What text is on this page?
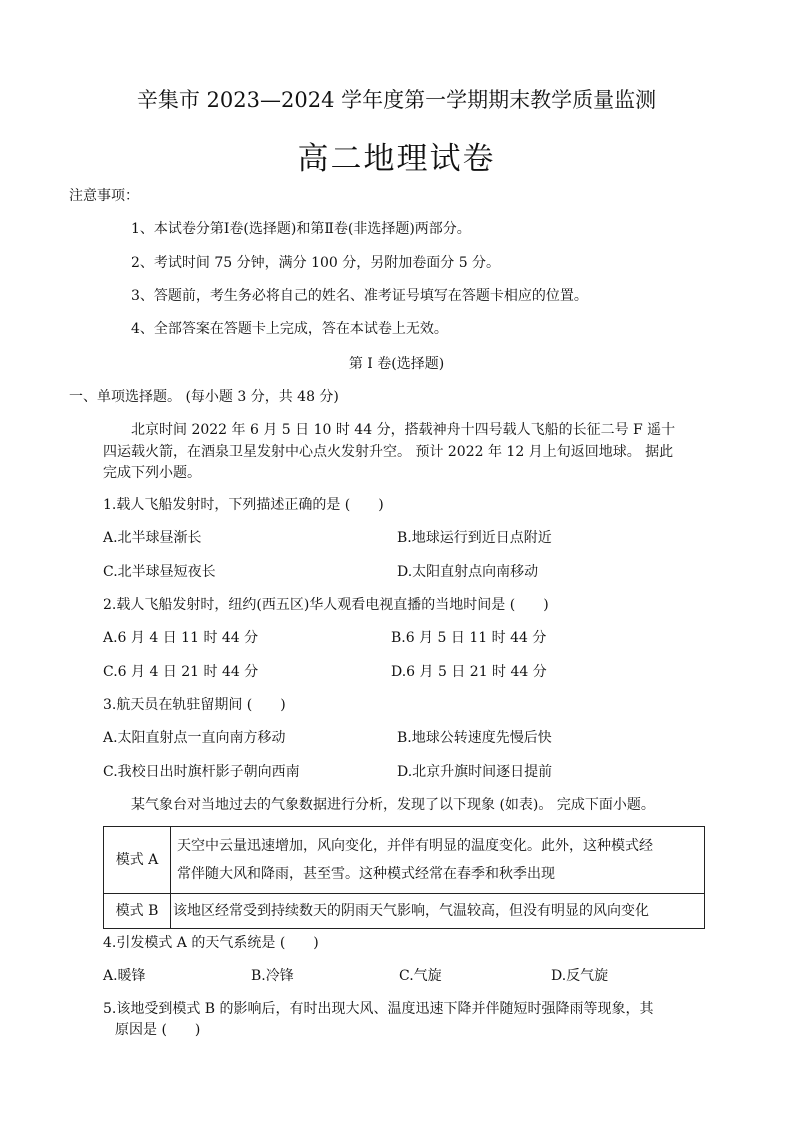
辛集市 2023—2024 学年度第一学期期末教学质量监测
高二地理试卷
注意事项：
1、本试卷分第Ⅰ卷(选择题)和第Ⅱ卷(非选择题)两部分。
2、考试时间 75 分钟，满分 100 分，另附加卷面分 5 分。
3、答题前，考生务必将自己的姓名、准考证号填写在答题卡相应的位置。
4、全部答案在答题卡上完成，答在本试卷上无效。
第 Ⅰ 卷(选择题)
一、单项选择题。 (每小题 3 分，共 48 分)
北京时间 2022 年 6 月 5 日 10 时 44 分，搭载神舟十四号载人飞船的长征二号 F 遥十
四运载火箭，在酒泉卫星发射中心点火发射升空。 预计 2022 年 12 月上旬返回地球。 据此
完成下列小题。
1.载人飞船发射时，下列描述正确的是 (　　)
A.北半球昼渐长	B.地球运行到近日点附近
C.北半球昼短夜长	D.太阳直射点向南移动
2.载人飞船发射时，纽约(西五区)华人观看电视直播的当地时间是 (　　)
A.6 月 4 日 11 时 44 分	B.6 月 5 日 11 时 44 分
C.6 月 4 日 21 时 44 分	D.6 月 5 日 21 时 44 分
3.航天员在轨驻留期间 (　　)
A.太阳直射点一直向南方移动	B.地球公转速度先慢后快
C.我校日出时旗杆影子朝向西南	D.北京升旗时间逐日提前
某气象台对当地过去的气象数据进行分析，发现了以下现象 (如表)。 完成下面小题。
模式 A	天空中云量迅速增加，风向变化，并伴有明显的温度变化。此外，这种模式经
常伴随大风和降雨，甚至雪。这种模式经常在春季和秋季出现

模式 B	该地区经常受到持续数天的阴雨天气影响，气温较高，但没有明显的风向变化
4.引发模式 A 的天气系统是 (　　)
A.暖锋	B.冷锋	C.气旋	D.反气旋
5.该地受到模式 B 的影响后，有时出现大风、温度迅速下降并伴随短时强降雨等现象，其
原因是 (　　)
